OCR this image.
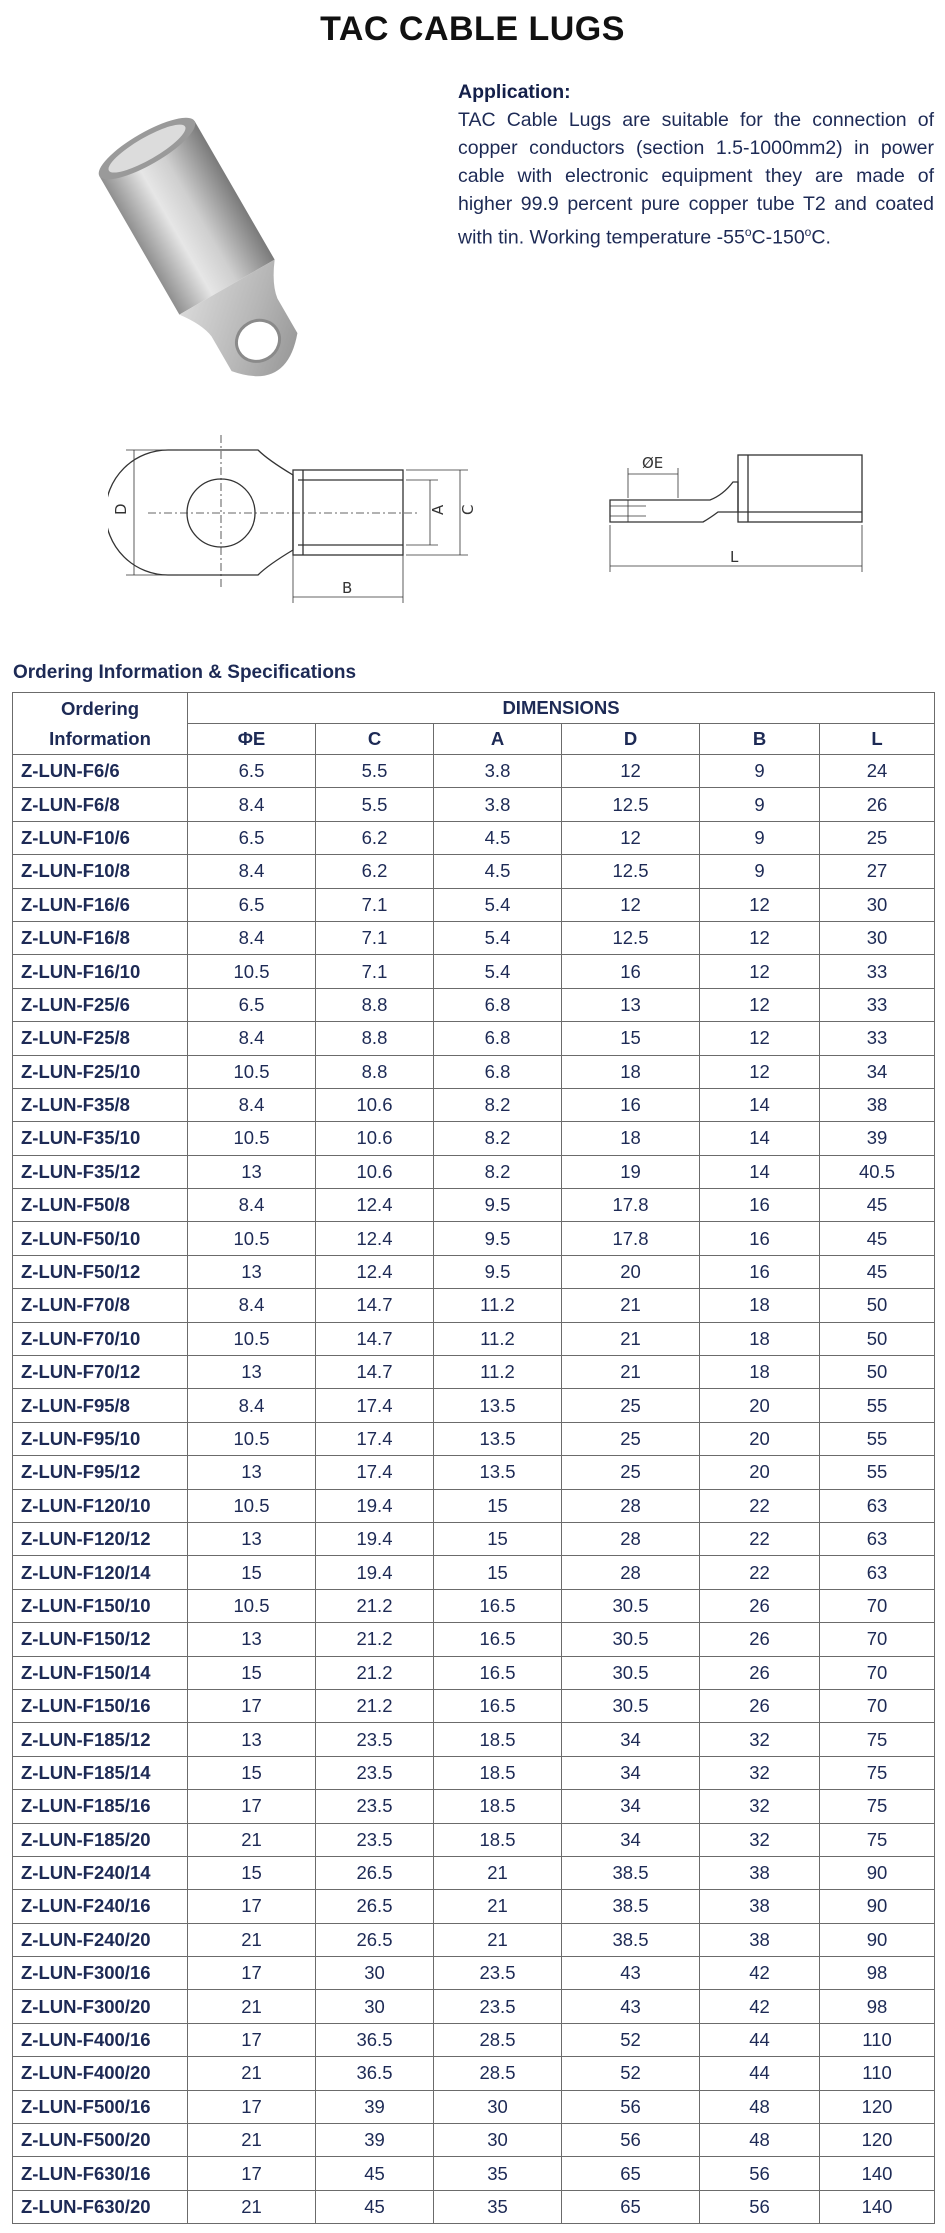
TAC CABLE LUGS
Application:
TAC Cable Lugs are suitable for the connection of copper conductors (section 1.5-1000mm2) in power cable with electronic equipment they are made of higher 99.9 percent pure copper tube T2 and coated with tin. Working temperature -55$^o$C-150$^o$C.
D	A C
B
ØE
L
Ordering Information & Specifications
Ordering Information	DIMENSIONS					
	ΦE	C	A	D	B	L
Z-LUN-F6/6	6.5	5.5	3.8	12	9	24
Z-LUN-F6/8	8.4	5.5	3.8	12.5	9	26
Z-LUN-F10/6	6.5	6.2	4.5	12	9	25
Z-LUN-F10/8	8.4	6.2	4.5	12.5	9	27
Z-LUN-F16/6	6.5	7.1	5.4	12	12	30
Z-LUN-F16/8	8.4	7.1	5.4	12.5	12	30
Z-LUN-F16/10	10.5	7.1	5.4	16	12	33
Z-LUN-F25/6	6.5	8.8	6.8	13	12	33
Z-LUN-F25/8	8.4	8.8	6.8	15	12	33
Z-LUN-F25/10	10.5	8.8	6.8	18	12	34
Z-LUN-F35/8	8.4	10.6	8.2	16	14	38
Z-LUN-F35/10	10.5	10.6	8.2	18	14	39
Z-LUN-F35/12	13	10.6	8.2	19	14	40.5
Z-LUN-F50/8	8.4	12.4	9.5	17.8	16	45
Z-LUN-F50/10	10.5	12.4	9.5	17.8	16	45
Z-LUN-F50/12	13	12.4	9.5	20	16	45
Z-LUN-F70/8	8.4	14.7	11.2	21	18	50
Z-LUN-F70/10	10.5	14.7	11.2	21	18	50
Z-LUN-F70/12	13	14.7	11.2	21	18	50
Z-LUN-F95/8	8.4	17.4	13.5	25	20	55
Z-LUN-F95/10	10.5	17.4	13.5	25	20	55
Z-LUN-F95/12	13	17.4	13.5	25	20	55
Z-LUN-F120/10	10.5	19.4	15	28	22	63
Z-LUN-F120/12	13	19.4	15	28	22	63
Z-LUN-F120/14	15	19.4	15	28	22	63
Z-LUN-F150/10	10.5	21.2	16.5	30.5	26	70
Z-LUN-F150/12	13	21.2	16.5	30.5	26	70
Z-LUN-F150/14	15	21.2	16.5	30.5	26	70
Z-LUN-F150/16	17	21.2	16.5	30.5	26	70
Z-LUN-F185/12	13	23.5	18.5	34	32	75
Z-LUN-F185/14	15	23.5	18.5	34	32	75
Z-LUN-F185/16	17	23.5	18.5	34	32	75
Z-LUN-F185/20	21	23.5	18.5	34	32	75
Z-LUN-F240/14	15	26.5	21	38.5	38	90
Z-LUN-F240/16	17	26.5	21	38.5	38	90
Z-LUN-F240/20	21	26.5	21	38.5	38	90
Z-LUN-F300/16	17	30	23.5	43	42	98
Z-LUN-F300/20	21	30	23.5	43	42	98
Z-LUN-F400/16	17	36.5	28.5	52	44	110
Z-LUN-F400/20	21	36.5	28.5	52	44	110
Z-LUN-F500/16	17	39	30	56	48	120
Z-LUN-F500/20	21	39	30	56	48	120
Z-LUN-F630/16	17	45	35	65	56	140
Z-LUN-F630/20	21	45	35	65	56	140
